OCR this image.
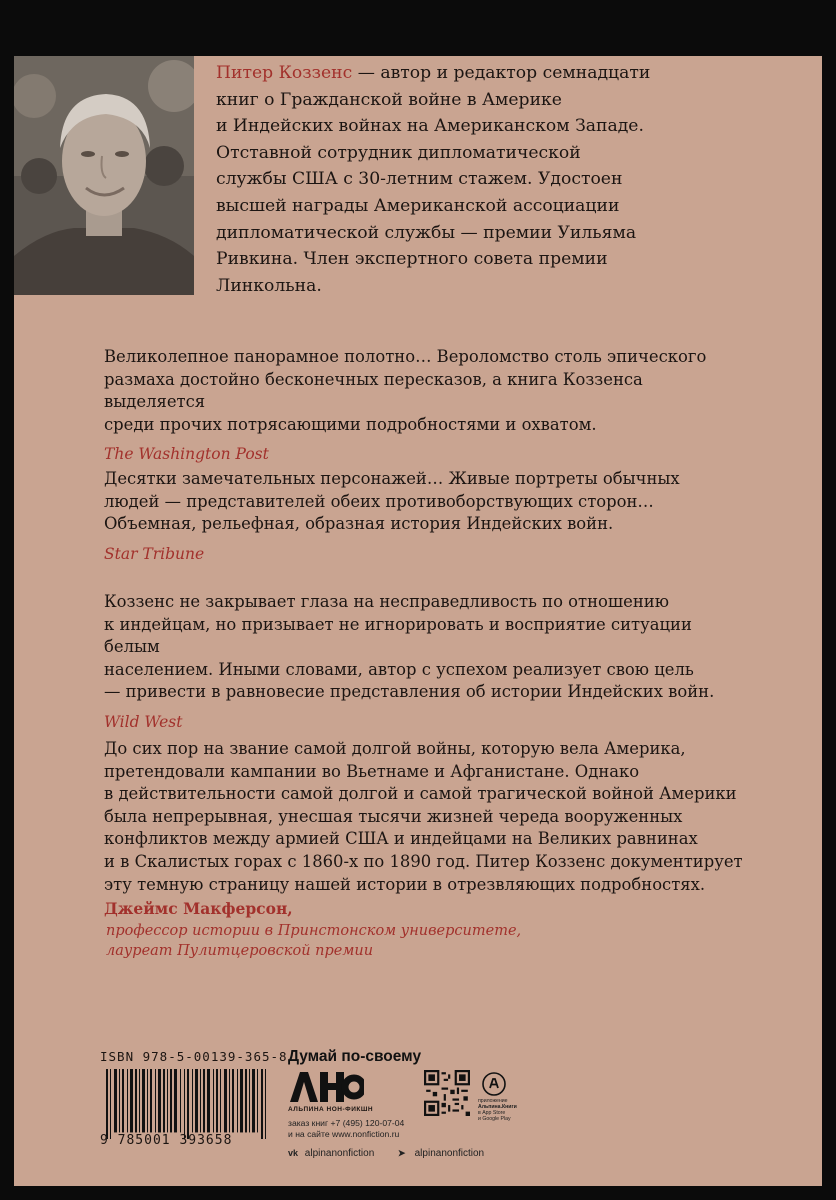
Питер Коззенс — автор и редактор семнадцати
книг о Гражданской войне в Америке
и Индейских войнах на Американском Западе.
Отставной сотрудник дипломатической
службы США с 30-летним стажем. Удостоен
высшей награды Американской ассоциации
дипломатической службы — премии Уильяма
Ривкина. Член экспертного совета премии
Линкольна.

Великолепное панорамное полотно… Вероломство столь эпического
размаха достойно бесконечных пересказов, а книга Коззенса выделяется
среди прочих потрясающими подробностями и охватом.

The Washington Post

Десятки замечательных персонажей… Живые портреты обычных
людей — представителей обеих противоборствующих сторон…
Объемная, рельефная, образная история Индейских войн.

Star Tribune

Коззенс не закрывает глаза на несправедливость по отношению
к индейцам, но призывает не игнорировать и восприятие ситуации белым
населением. Иными словами, автор с успехом реализует свою цель
— привести в равновесие представления об истории Индейских войн.

Wild West

До сих пор на звание самой долгой войны, которую вела Америка,
претендовали кампании во Вьетнаме и Афганистане. Однако
в действительности самой долгой и самой трагической войной Америки
была непрерывная, унесшая тысячи жизней череда вооруженных
конфликтов между армией США и индейцами на Великих равнинах
и в Скалистых горах с 1860-х по 1890 год. Питер Коззенс документирует
эту темную страницу нашей истории в отрезвляющих подробностях.

Джеймс Макферсон,
профессор истории в Принстонском университете,
лауреат Пулитцеровской премии
ISBN 978-5-00139-365-8
9 785001 393658
Думай по-своему
АЛЬПИНА НОН-ФИКШН
заказ книг +7 (495) 120-07-04
и на сайте www.nonfiction.ru
приложение
Альпина.Книги
в App Store
и Google Play
vk alpinanonfiction	➤ alpinanonfiction
